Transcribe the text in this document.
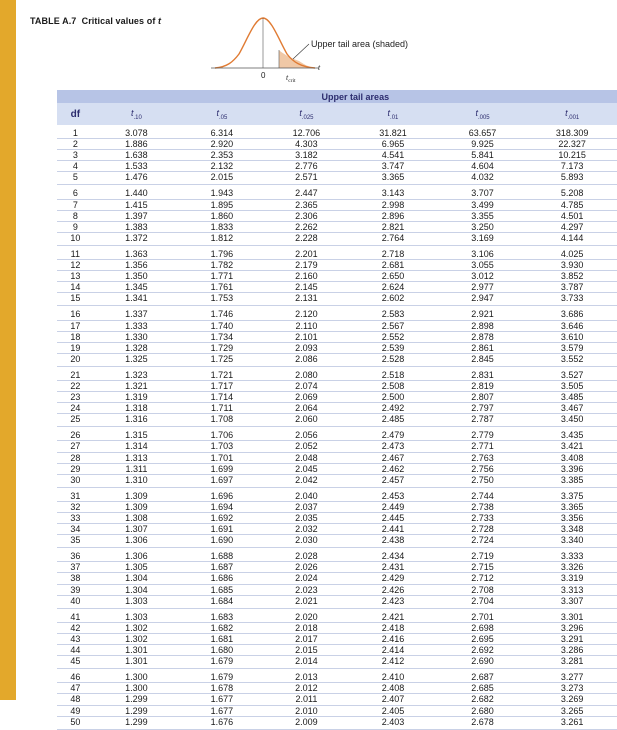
TABLE A.7 Critical values of t
Upper tail area (shaded)
0
t
$t_{crit}$
	Upper tail areas					
df	$t_{.10}$	$t_{.05}$	$t_{.025}$	$t_{.01}$	$t_{.005}$	$t_{.001}$
1	3.078	6.314	12.706	31.821	63.657	318.309
2	1.886	2.920	4.303	6.965	9.925	22.327
3	1.638	2.353	3.182	4.541	5.841	10.215
4	1.533	2.132	2.776	3.747	4.604	7.173
5	1.476	2.015	2.571	3.365	4.032	5.893
6	1.440	1.943	2.447	3.143	3.707	5.208
7	1.415	1.895	2.365	2.998	3.499	4.785
8	1.397	1.860	2.306	2.896	3.355	4.501
9	1.383	1.833	2.262	2.821	3.250	4.297
10	1.372	1.812	2.228	2.764	3.169	4.144
11	1.363	1.796	2.201	2.718	3.106	4.025
12	1.356	1.782	2.179	2.681	3.055	3.930
13	1.350	1.771	2.160	2.650	3.012	3.852
14	1.345	1.761	2.145	2.624	2.977	3.787
15	1.341	1.753	2.131	2.602	2.947	3.733
16	1.337	1.746	2.120	2.583	2.921	3.686
17	1.333	1.740	2.110	2.567	2.898	3.646
18	1.330	1.734	2.101	2.552	2.878	3.610
19	1.328	1.729	2.093	2.539	2.861	3.579
20	1.325	1.725	2.086	2.528	2.845	3.552
21	1.323	1.721	2.080	2.518	2.831	3.527
22	1.321	1.717	2.074	2.508	2.819	3.505
23	1.319	1.714	2.069	2.500	2.807	3.485
24	1.318	1.711	2.064	2.492	2.797	3.467
25	1.316	1.708	2.060	2.485	2.787	3.450
26	1.315	1.706	2.056	2.479	2.779	3.435
27	1.314	1.703	2.052	2.473	2.771	3.421
28	1.313	1.701	2.048	2.467	2.763	3.408
29	1.311	1.699	2.045	2.462	2.756	3.396
30	1.310	1.697	2.042	2.457	2.750	3.385
31	1.309	1.696	2.040	2.453	2.744	3.375
32	1.309	1.694	2.037	2.449	2.738	3.365
33	1.308	1.692	2.035	2.445	2.733	3.356
34	1.307	1.691	2.032	2.441	2.728	3.348
35	1.306	1.690	2.030	2.438	2.724	3.340
36	1.306	1.688	2.028	2.434	2.719	3.333
37	1.305	1.687	2.026	2.431	2.715	3.326
38	1.304	1.686	2.024	2.429	2.712	3.319
39	1.304	1.685	2.023	2.426	2.708	3.313
40	1.303	1.684	2.021	2.423	2.704	3.307
41	1.303	1.683	2.020	2.421	2.701	3.301
42	1.302	1.682	2.018	2.418	2.698	3.296
43	1.302	1.681	2.017	2.416	2.695	3.291
44	1.301	1.680	2.015	2.414	2.692	3.286
45	1.301	1.679	2.014	2.412	2.690	3.281
46	1.300	1.679	2.013	2.410	2.687	3.277
47	1.300	1.678	2.012	2.408	2.685	3.273
48	1.299	1.677	2.011	2.407	2.682	3.269
49	1.299	1.677	2.010	2.405	2.680	3.265
50	1.299	1.676	2.009	2.403	2.678	3.261
